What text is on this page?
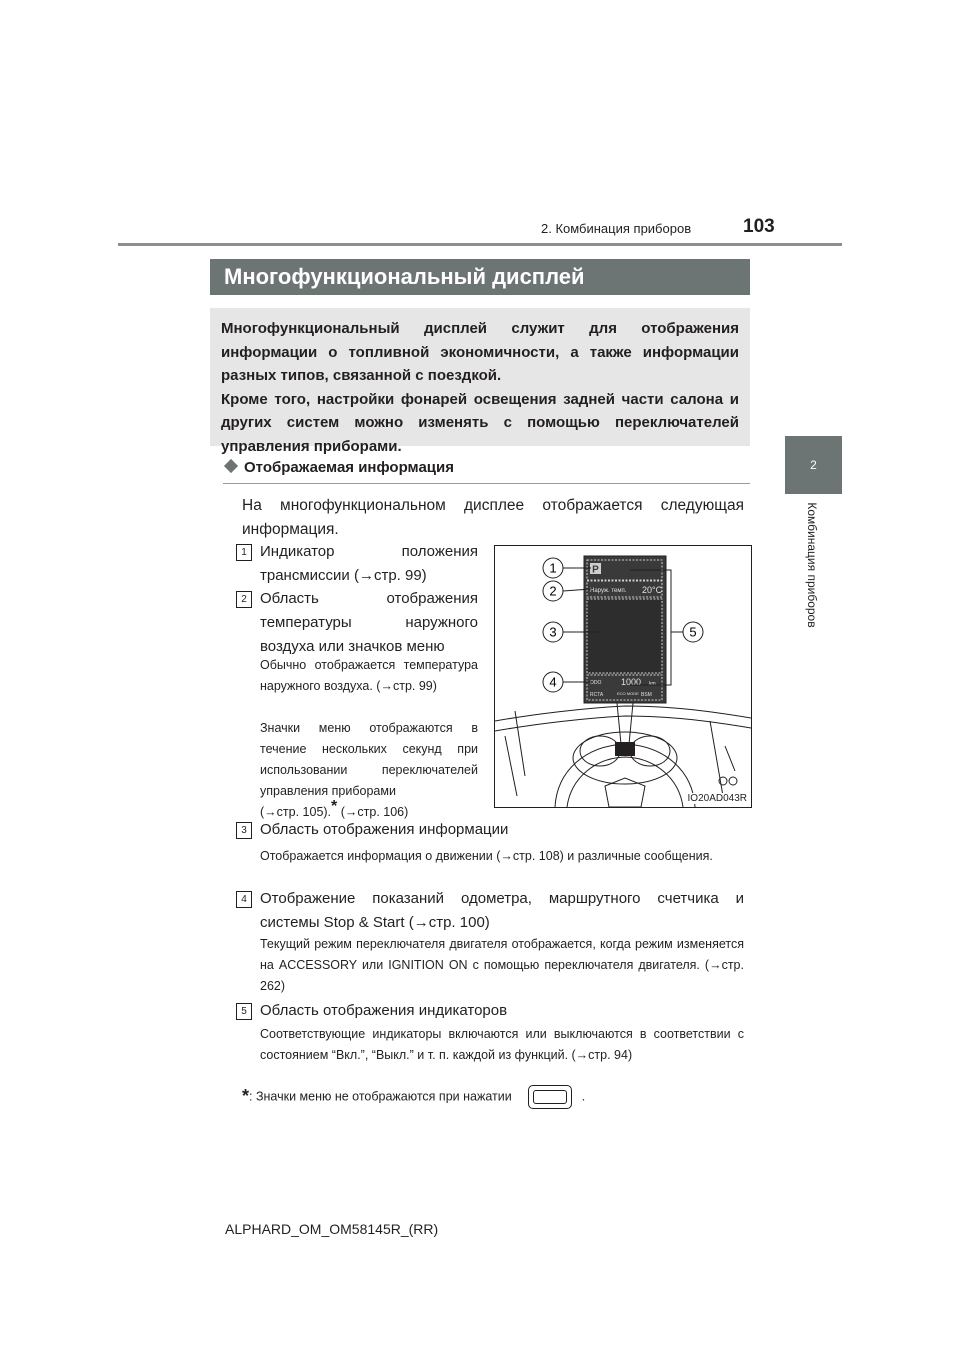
2. Комбинация приборов	103
2
Комбинация приборов
Многофункциональный дисплей
Многофункциональный дисплей служит для отображения информации о топливной экономичности, а также информации разных типов, связанной с поездкой.
Кроме того, настройки фонарей освещения задней части салона и других систем можно изменять с помощью переключателей управления приборами.
Отображаемая информация
На многофункциональном дисплее отображается следующая информация.
1 Индикатор положения трансмиссии (→стр. 99)
2 Область отображения температуры наружного воздуха или значков меню
Обычно отображается температура наружного воздуха. (→стр. 99)
Значки меню отображаются в течение нескольких секунд при использовании переключателей управления приборами
(→стр. 105).* (→стр. 106)
P
Наруж. темп. 20°C
ODO 1000 km
RCTA	ECO MODE BSM
1
2
3
4
5
IO20AD043R
3 Область отображения информации
Отображается информация о движении (→стр. 108) и различные сообщения.
4 Отображение показаний одометра, маршрутного счетчика и системы Stop & Start (→стр. 100)
Текущий режим переключателя двигателя отображается, когда режим изменяется на ACCESSORY или IGNITION ON с помощью переключателя двигателя. (→стр. 262)
5 Область отображения индикаторов
Соответствующие индикаторы включаются или выключаются в соответствии с состоянием “Вкл.”, “Выкл.” и т. п. каждой из функций. (→стр. 94)
*: Значки меню не отображаются при нажатии	.
ALPHARD_OM_OM58145R_(RR)
